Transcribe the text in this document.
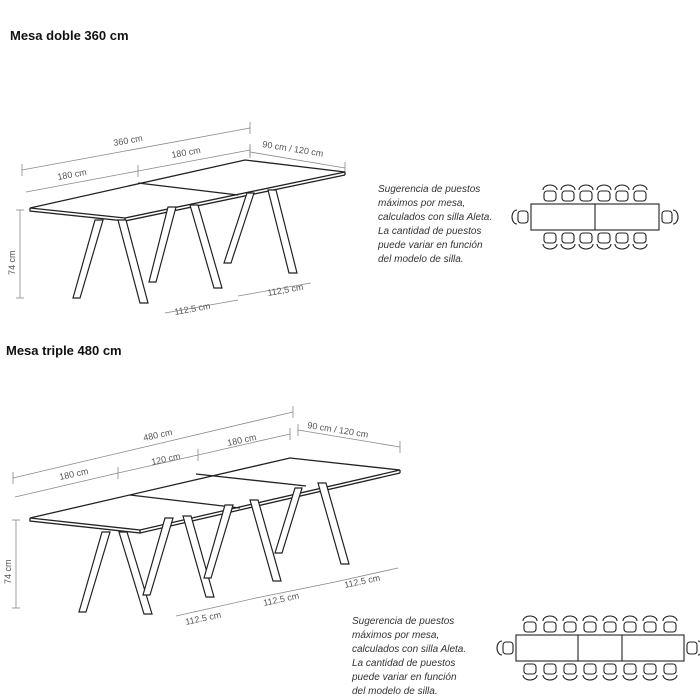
Mesa doble 360 cm
Mesa triple 480 cm
Sugerencia de puestos
máximos por mesa,
calculados con silla Aleta.
La cantidad de puestos
puede variar en función
del modelo de silla.
Sugerencia de puestos
máximos por mesa,
calculados con silla Aleta.
La cantidad de puestos
puede variar en función
del modelo de silla.
360 cm
180 cm
180 cm	90 cm / 120 cm
74 cm
112.5 cm
112,5 cm
480 cm
180 cm
120 cm
180 cm
90 cm / 120 cm
74 cm
112.5 cm
112.5 cm
112.5 cm
